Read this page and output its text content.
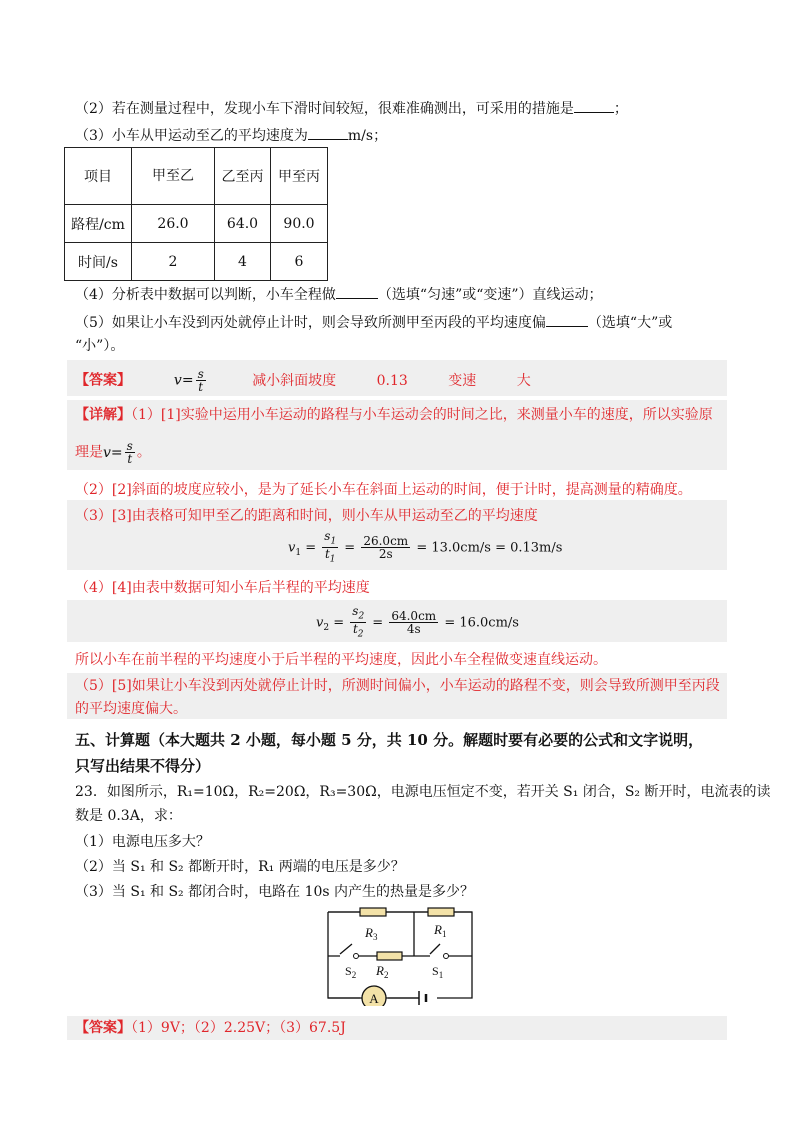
（2）若在测量过程中，发现小车下滑时间较短，很难准确测出，可采用的措施是	；
（3）小车从甲运动至乙的平均速度为	m/s；
项目	甲至乙	乙至丙	甲至丙
路程/cm	26.0	64.0	90.0
时间/s	2	4	6
（4）分析表中数据可以判断，小车全程做	（选填“匀速”或“变速”）直线运动；
（5）如果让小车没到丙处就停止计时，则会导致所测甲至丙段的平均速度偏	（选填“大”或
“小”）。
【答案】	$v= \frac{s}{t}$	减小斜面坡度	0.13	变速	大
【详解】（1）[1]实验中运用小车运动的路程与小车运动会的时间之比，来测量小车的速度，所以实验原
理是$v= \frac{s}{t}$ 。
（2）[2]斜面的坡度应较小，是为了延长小车在斜面上运动的时间，便于计时，提高测量的精确度。
（3）[3]由表格可知甲至乙的距离和时间，则小车从甲运动至乙的平均速度
$v_1 = \frac{s_1}{t_1} = \frac{26.0cm}{2s} = 13.0cm/s = 0.13m/s$
（4）[4]由表中数据可知小车后半程的平均速度
$v_2 = \frac{s_2}{t_2} = \frac{64.0cm}{4s} = 16.0cm/s$
所以小车在前半程的平均速度小于后半程的平均速度，因此小车全程做变速直线运动。
（5）[5]如果让小车没到丙处就停止计时，所测时间偏小，小车运动的路程不变，则会导致所测甲至丙段
的平均速度偏大。
五、计算题（本大题共 2 小题，每小题 5 分，共 10 分。解题时要有必要的公式和文字说明，
只写出结果不得分）
23．如图所示，R₁=10Ω，R₂=20Ω，R₃=30Ω，电源电压恒定不变，若开关 S₁ 闭合，S₂ 断开时，电流表的读
数是 0.3A，求：
（1）电源电压多大？
（2）当 S₁ 和 S₂ 都断开时，R₁ 两端的电压是多少？
（3）当 S₁ 和 S₂ 都闭合时，电路在 10s 内产生的热量是多少？
A
$R_3$	$R_1$
$R_2$
$S_2$	$S_1$
【答案】（1）9V；（2）2.25V；（3）67.5J
